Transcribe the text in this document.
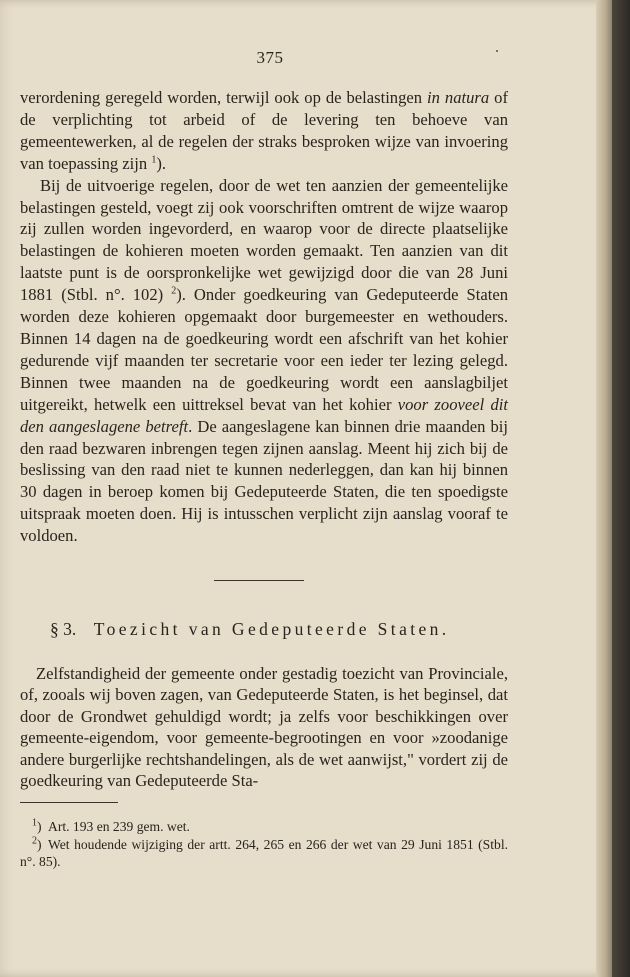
375

verordening geregeld worden, terwijl ook op de belastingen in natura of de verplichting tot arbeid of de levering ten behoeve van gemeentewerken, al de regelen der straks besproken wijze van invoering van toepassing zijn $^1$).

Bij de uitvoerige regelen, door de wet ten aanzien der gemeentelijke belastingen gesteld, voegt zij ook voorschriften omtrent de wijze waarop zij zullen worden ingevorderd, en waarop voor de directe plaatselijke belastingen de kohieren moeten worden gemaakt. Ten aanzien van dit laatste punt is de oorspronkelijke wet gewijzigd door die van 28 Juni 1881 (Stbl. n°. 102) $^2$). Onder goedkeuring van Gedeputeerde Staten worden deze kohieren opgemaakt door burgemeester en wethouders. Binnen 14 dagen na de goedkeuring wordt een afschrift van het kohier gedurende vijf maanden ter secretarie voor een ieder ter lezing gelegd. Binnen twee maanden na de goedkeuring wordt een aanslagbiljet uitgereikt, hetwelk een uittreksel bevat van het kohier voor zooveel dit den aangeslagene betreft. De aangeslagene kan binnen drie maanden bij den raad bezwaren inbrengen tegen zijnen aanslag. Meent hij zich bij de beslissing van den raad niet te kunnen nederleggen, dan kan hij binnen 30 dagen in beroep komen bij Gedeputeerde Staten, die ten spoedigste uitspraak moeten doen. Hij is intusschen verplicht zijn aanslag vooraf te voldoen.

§ 3. Toezicht van Gedeputeerde Staten.

Zelfstandigheid der gemeente onder gestadig toezicht van Provinciale, of, zooals wij boven zagen, van Gedeputeerde Staten, is het beginsel, dat door de Grondwet gehuldigd wordt; ja zelfs voor beschikkingen over gemeente-eigendom, voor gemeente-begrootingen en voor »zoodanige andere burgerlijke rechtshandelingen, als de wet aanwijst," vordert zij de goedkeuring van Gedeputeerde Sta-

$^1$) Art. 193 en 239 gem. wet.

$^2$) Wet houdende wijziging der artt. 264, 265 en 266 der wet van 29 Juni 1851 (Stbl. n°. 85).
